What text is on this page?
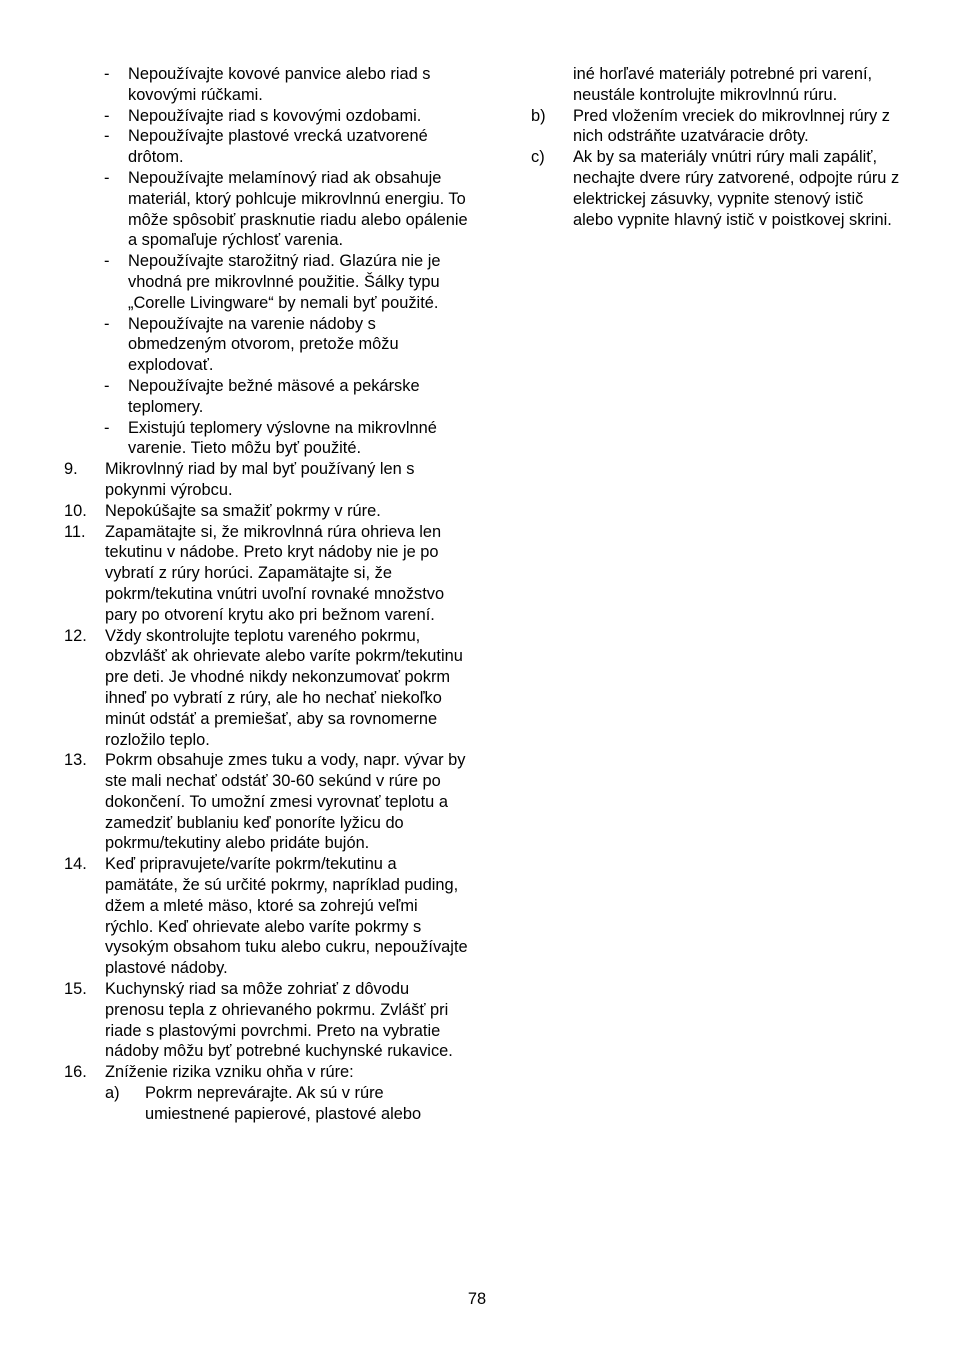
-	Nepoužívajte kovové panvice alebo riad s kovovými rúčkami.
-	Nepoužívajte riad s kovovými ozdobami.
-	Nepoužívajte plastové vrecká uzatvorené drôtom.
-	Nepoužívajte melamínový riad ak obsahuje materiál, ktorý pohlcuje mikrovlnnú energiu. To môže spôsobiť prasknutie riadu alebo opálenie a spomaľuje rýchlosť varenia.
-	Nepoužívajte starožitný riad. Glazúra nie je vhodná pre mikrovlnné použitie. Šálky typu „Corelle Livingware“ by nemali byť použité.
-	Nepoužívajte na varenie nádoby s obmedzeným otvorom, pretože môžu explodovať.
-	Nepoužívajte bežné mäsové a pekárske teplomery.
-	Existujú teplomery výslovne na mikrovlnné varenie. Tieto môžu byť použité.
9.	Mikrovlnný riad by mal byť používaný len s pokynmi výrobcu.
10.	Nepokúšajte sa smažiť pokrmy v rúre.
11.	Zapamätajte si, že mikrovlnná rúra ohrieva len tekutinu v nádobe. Preto kryt nádoby nie je po vybratí z rúry horúci. Zapamätajte si, že pokrm/tekutina vnútri uvoľní rovnaké množstvo pary po otvorení krytu ako pri bežnom varení.
12.	Vždy skontrolujte teplotu vareného pokrmu, obzvlášť ak ohrievate alebo varíte pokrm/tekutinu pre deti. Je vhodné nikdy nekonzumovať pokrm ihneď po vybratí z rúry, ale ho nechať niekoľko minút odstáť a premiešať, aby sa rovnomerne rozložilo teplo.
13.	Pokrm obsahuje zmes tuku a vody, napr. vývar by ste mali nechať odstáť 30-60 sekúnd v rúre po dokončení. To umožní zmesi vyrovnať teplotu a zamedziť bublaniu keď ponoríte lyžicu do pokrmu/tekutiny alebo pridáte bujón.
14.	Keď pripravujete/varíte pokrm/tekutinu a pamätáte, že sú určité pokrmy, napríklad puding, džem a mleté mäso, ktoré sa zohrejú veľmi rýchlo. Keď ohrievate alebo varíte pokrmy s vysokým obsahom tuku alebo cukru, nepoužívajte plastové nádoby.
15.	Kuchynský riad sa môže zohriať z dôvodu prenosu tepla z ohrievaného pokrmu. Zvlášť pri riade s plastovými povrchmi. Preto na vybratie nádoby môžu byť potrebné kuchynské rukavice.
16.	Zníženie rizika vzniku ohňa v rúre:
a)	Pokrm neprevárajte. Ak sú v rúre umiestnené papierové, plastové alebo
iné horľavé materiály potrebné pri varení, neustále kontrolujte mikrovlnnú rúru.
b)	Pred vložením vreciek do mikrovlnnej rúry z nich odstráňte uzatváracie drôty.
c)	Ak by sa materiály vnútri rúry mali zapáliť, nechajte dvere rúry zatvorené, odpojte rúru z elektrickej zásuvky, vypnite stenový istič alebo vypnite hlavný istič v poistkovej skrini.
78
